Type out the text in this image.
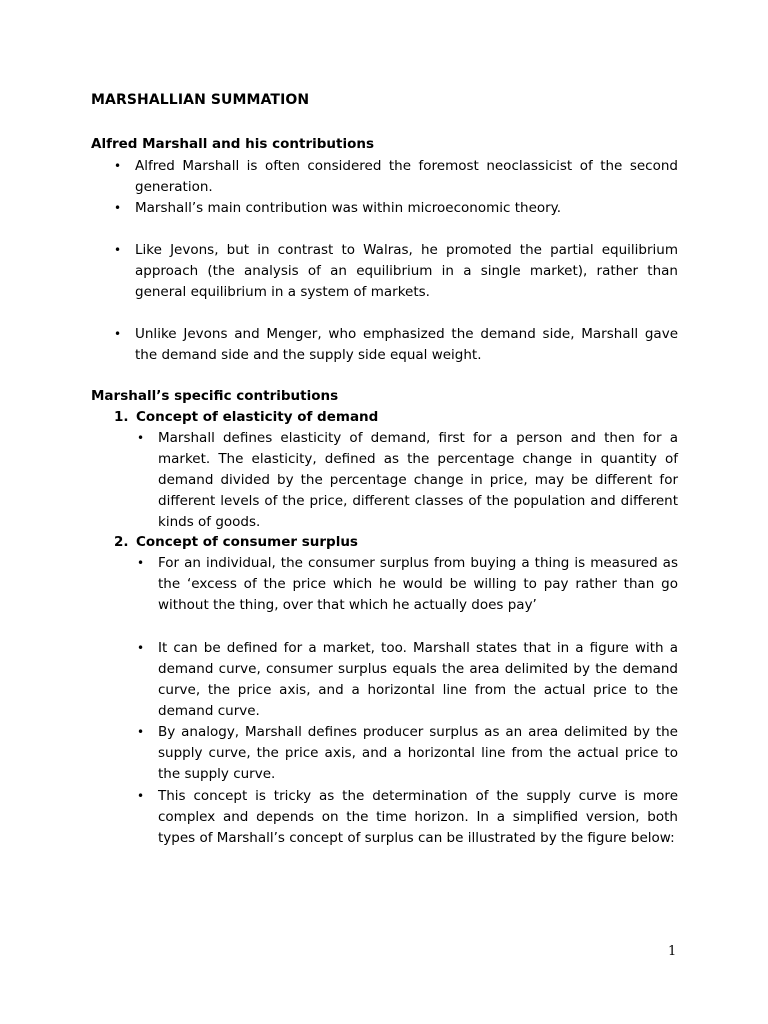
MARSHALLIAN SUMMATION
Alfred Marshall and his contributions
• Alfred Marshall is often considered the foremost neoclassicist of the second generation.
• Marshall’s main contribution was within microeconomic theory.
• Like Jevons, but in contrast to Walras, he promoted the partial equilibrium approach (the analysis of an equilibrium in a single market), rather than general equilibrium in a system of markets.
• Unlike Jevons and Menger, who emphasized the demand side, Marshall gave the demand side and the supply side equal weight.
Marshall’s specific contributions
1. Concept of elasticity of demand
• Marshall defines elasticity of demand, first for a person and then for a market. The elasticity, defined as the percentage change in quantity of demand divided by the percentage change in price, may be different for different levels of the price, different classes of the population and different kinds of goods.
2. Concept of consumer surplus
• For an individual, the consumer surplus from buying a thing is measured as the ‘excess of the price which he would be willing to pay rather than go without the thing, over that which he actually does pay’
• It can be defined for a market, too. Marshall states that in a figure with a demand curve, consumer surplus equals the area delimited by the demand curve, the price axis, and a horizontal line from the actual price to the demand curve.
• By analogy, Marshall defines producer surplus as an area delimited by the supply curve, the price axis, and a horizontal line from the actual price to the supply curve.
• This concept is tricky as the determination of the supply curve is more complex and depends on the time horizon. In a simplified version, both types of Marshall’s concept of surplus can be illustrated by the figure below:
1
